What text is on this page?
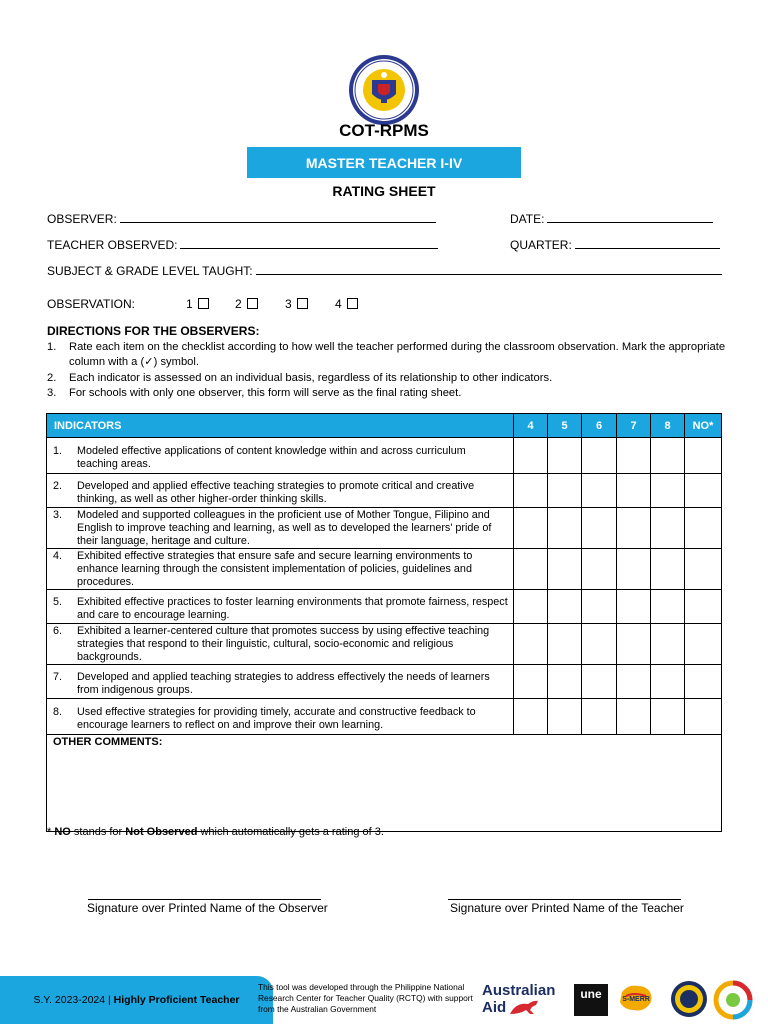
COT-RPMS
MASTER TEACHER I-IV
RATING SHEET
OBSERVER:	DATE:
TEACHER OBSERVED:	QUARTER:
SUBJECT & GRADE LEVEL TAUGHT:
OBSERVATION:	1	2	3	4
DIRECTIONS FOR THE OBSERVERS:
1.	Rate each item on the checklist according to how well the teacher performed during the classroom observation. Mark the appropriate column with a (✓) symbol.
2.	Each indicator is assessed on an individual basis, regardless of its relationship to other indicators.
3.	For schools with only one observer, this form will serve as the final rating sheet.
INDICATORS	4	5	6	7	8	NO*

1. Modeled effective applications of content knowledge within and across curriculum teaching areas.						

2. Developed and applied effective teaching strategies to promote critical and creative thinking, as well as other higher-order thinking skills.						

3. Modeled and supported colleagues in the proficient use of Mother Tongue, Filipino and English to improve teaching and learning, as well as to developed the learners' pride of their language, heritage and culture.						

4. Exhibited effective strategies that ensure safe and secure learning environments to enhance learning through the consistent implementation of policies, guidelines and procedures.						

5. Exhibited effective practices to foster learning environments that promote fairness, respect and care to encourage learning.						

6. Exhibited a learner-centered culture that promotes success by using effective teaching strategies that respond to their linguistic, cultural, socio-economic and religious backgrounds.						

7. Developed and applied teaching strategies to address effectively the needs of learners from indigenous groups.						

8. Used effective strategies for providing timely, accurate and constructive feedback to encourage learners to reflect on and improve their own learning.						

OTHER COMMENTS:						
* NO stands for Not Observed which automatically gets a rating of 3.
Signature over Printed Name of the Observer	Signature over Printed Name of the Teacher
S.Y. 2023-2024 |
Highly Proficient Teacher
This tool was developed through the Philippine National Research Center for Teacher Quality (RCTQ) with support from the Australian Government
Australian
Aid
une	S-MERR
